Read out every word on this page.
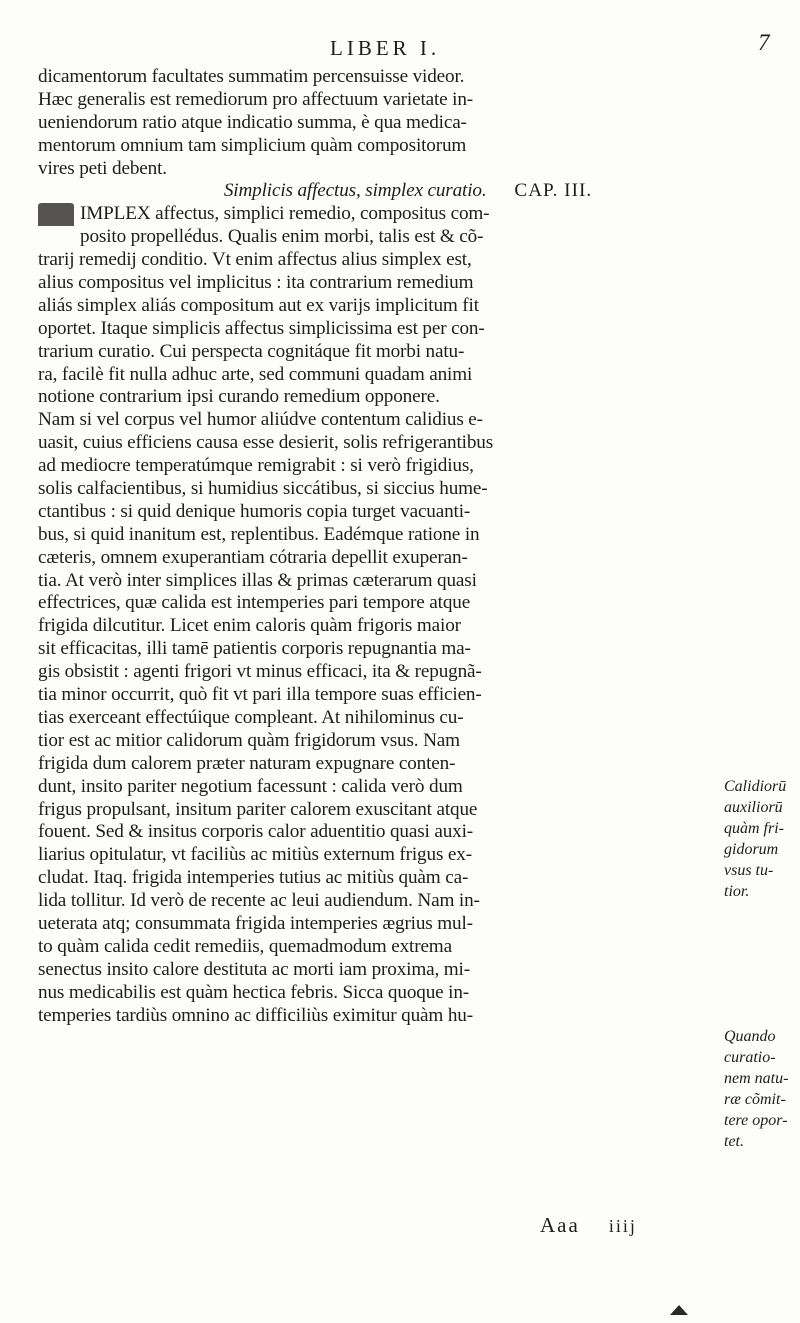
LIBER I.	7
dicamentorum facultates summatim percensuisse videor.
Hæc generalis est remediorum pro affectuum varietate in-
ueniendorum ratio atque indicatio summa, è qua medica-
mentorum omnium tam simplicium quàm compositorum
vires peti debent.
Simplicis affectus, simplex curatio. CAP. III.
IMPLEX affectus, simplici remedio, compositus com-
posito propellédus. Qualis enim morbi, talis est & cõ-
trarij remedij conditio. Vt enim affectus alius simplex est,
alius compositus vel implicitus : ita contrarium remedium
aliás simplex aliás compositum aut ex varijs implicitum fit
oportet. Itaque simplicis affectus simplicissima est per con-
trarium curatio. Cui perspecta cognitáque fit morbi natu-
ra, facilè fit nulla adhuc arte, sed communi quadam animi
notione contrarium ipsi curando remedium opponere.
Nam si vel corpus vel humor aliúdve contentum calidius e-
uasit, cuius efficiens causa esse desierit, solis refrigerantibus
ad mediocre temperatúmque remigrabit : si verò frigidius,
solis calfacientibus, si humidius siccátibus, si siccius hume-
ctantibus : si quid denique humoris copia turget vacuanti-
bus, si quid inanitum est, replentibus. Eadémque ratione in
cæteris, omnem exuperantiam cótraria depellit exuperan-
tia. At verò inter simplices illas & primas cæterarum quasi
effectrices, quæ calida est intemperies pari tempore atque
frigida dilcutitur. Licet enim caloris quàm frigoris maior
sit efficacitas, illi tamē patientis corporis repugnantia ma-
gis obsistit : agenti frigori vt minus efficaci, ita & repugnã-
tia minor occurrit, quò fit vt pari illa tempore suas efficien-
tias exerceant effectúique compleant. At nihilominus cu-
tior est ac mitior calidorum quàm frigidorum vsus. Nam
frigida dum calorem præter naturam expugnare conten-
dunt, insito pariter negotium facessunt : calida verò dum
frigus propulsant, insitum pariter calorem exuscitant atque
fouent. Sed & insitus corporis calor aduentitio quasi auxi-
liarius opitulatur, vt faciliùs ac mitiùs externum frigus ex-
cludat. Itaq. frigida intemperies tutius ac mitiùs quàm ca-
lida tollitur. Id verò de recente ac leui audiendum. Nam in-
ueterata atq; consummata frigida intemperies ægrius mul-
to quàm calida cedit remediis, quemadmodum extrema
senectus insito calore destituta ac morti iam proxima, mi-
nus medicabilis est quàm hectica febris. Sicca quoque in-
temperies tardiùs omnino ac difficiliùs eximitur quàm hu-
Calidiorū
auxiliorū
quàm fri-
gidorum
vsus tu-
tior.
Quando
curatio-
nem natu-
ræ cõmit-
tere opor-
tet.
Aaa iiij
